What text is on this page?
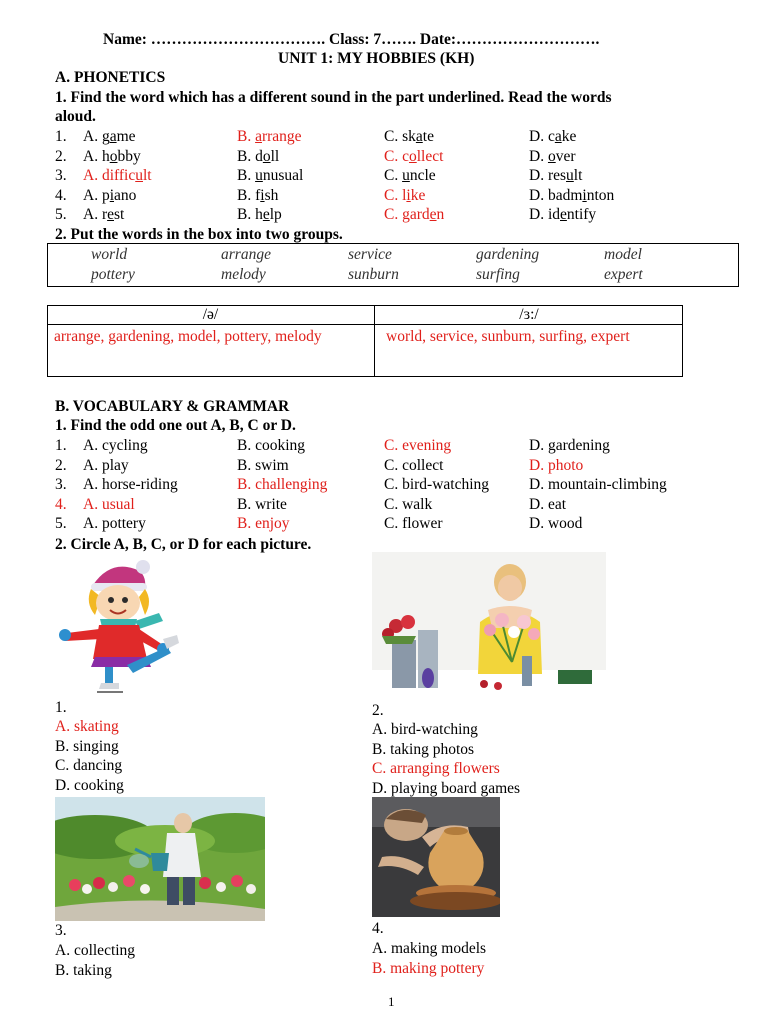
Name: ……………………………. Class: 7……. Date:……………………….
UNIT 1: MY HOBBIES (KH)
A. PHONETICS
1. Find the word which has a different sound in the part underlined. Read the words
aloud.
1. A. game	B. arrange	C. skate	D. cake
2. A. hobby	B. doll	C. collect	D. over
3. A. difficult	B. unusual	C. uncle	D. result
4. A. piano	B. fish	C. like	D. badminton
5. A. rest	B. help	C. garden	D. identify
2. Put the words in the box into two groups.
world	arrange	service	gardening	model
pottery	melody	sunburn	surfing	expert
/ə/	/ɜ:/
arrange, gardening, model, pottery, melody	world, service, sunburn, surfing, expert
B. VOCABULARY & GRAMMAR
1. Find the odd one out A, B, C or D.
1. A. cycling	B. cooking	C. evening	D. gardening
2. A. play	B. swim	C. collect	D. photo
3. A. horse-riding	B. challenging	C. bird-watching	D. mountain-climbing
4. A. usual	B. write	C. walk	D. eat
5. A. pottery	B. enjoy	C. flower	D. wood
2. Circle A, B, C, or D for each picture.
1.
A. skating
B. singing
C. dancing
D. cooking
2.
A. bird-watching
B. taking photos
C. arranging flowers
D. playing board games
3.
A. collecting
B. taking
4.
A. making models
B. making pottery
1
